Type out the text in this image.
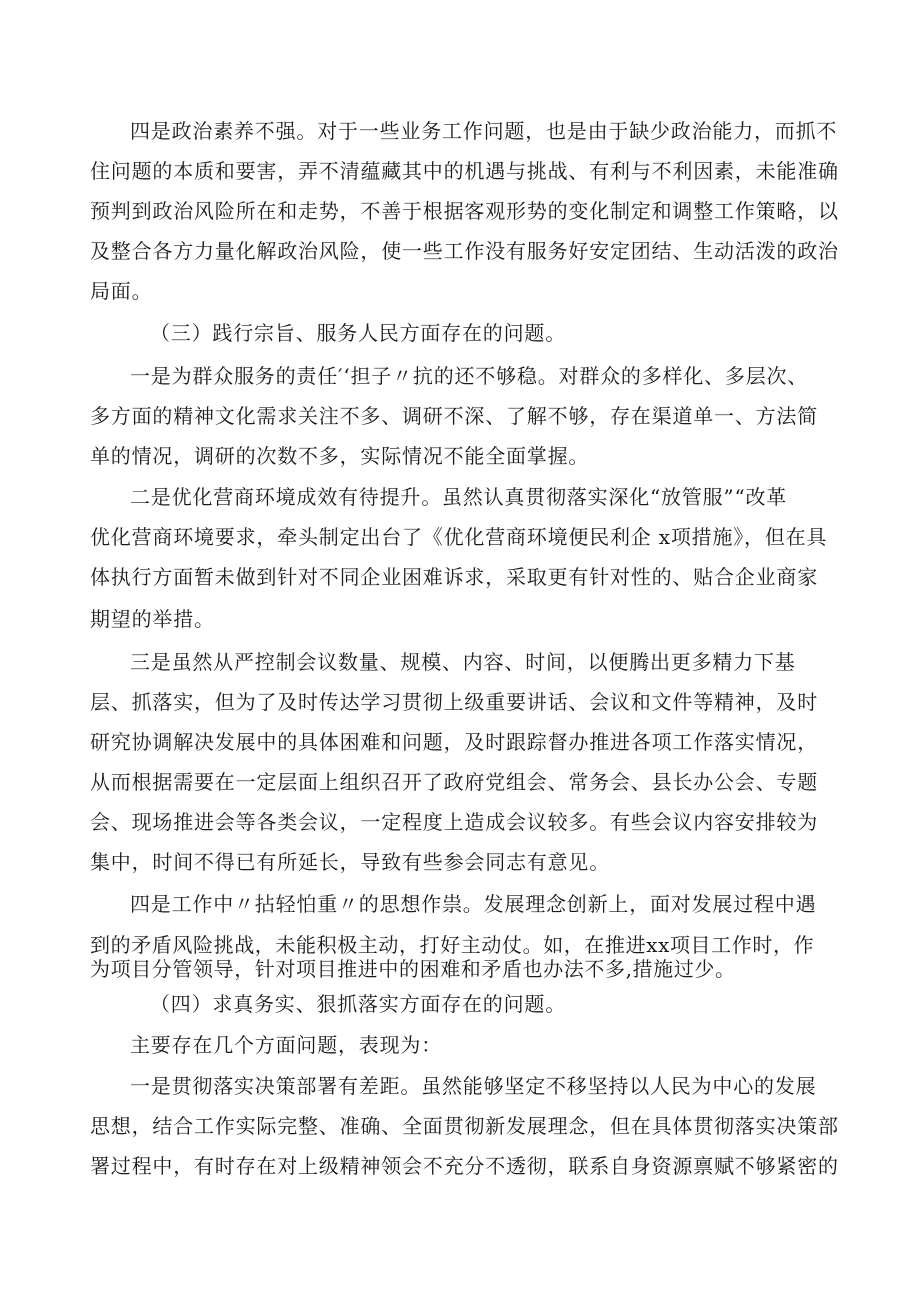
四是政治素养不强。对于一些业务工作问题，也是由于缺少政治能力，而抓不
住问题的本质和要害，弄不清蕴藏其中的机遇与挑战、有利与不利因素，未能准确
预判到政治风险所在和走势，不善于根据客观形势的变化制定和调整工作策略，以
及整合各方力量化解政治风险，使一些工作没有服务好安定团结、生动活泼的政治
局面。
（三）践行宗旨、服务人民方面存在的问题。
一是为群众服务的责任′‘担子〃抗的还不够稳。对群众的多样化、多层次、
多方面的精神文化需求关注不多、调研不深、了解不够，存在渠道单一、方法简
单的情况，调研的次数不多，实际情况不能全面掌握。
二是优化营商环境成效有待提升。虽然认真贯彻落实深化“放管服”“改革
优化营商环境要求，牵头制定出台了《优化营商环境便民利企 x项措施》，但在具
体执行方面暂未做到针对不同企业困难诉求，采取更有针对性的、贴合企业商家
期望的举措。
三是虽然从严控制会议数量、规模、内容、时间，以便腾出更多精力下基
层、抓落实，但为了及时传达学习贯彻上级重要讲话、会议和文件等精神，及时
研究协调解决发展中的具体困难和问题，及时跟踪督办推进各项工作落实情况，
从而根据需要在一定层面上组织召开了政府党组会、常务会、县长办公会、专题
会、现场推进会等各类会议，一定程度上造成会议较多。有些会议内容安排较为
集中，时间不得已有所延长，导致有些参会同志有意见。
四是工作中〃拈轻怕重〃的思想作祟。发展理念创新上，面对发展过程中遇
到的矛盾风险挑战，未能积极主动，打好主动仗。如，在推进xx项目工作时，作
为项目分管领导，针对项目推进中的困难和矛盾也办法不多,措施过少。
（四）求真务实、狠抓落实方面存在的问题。
主要存在几个方面问题，表现为：
一是贯彻落实决策部署有差距。虽然能够坚定不移坚持以人民为中心的发展
思想，结合工作实际完整、准确、全面贯彻新发展理念，但在具体贯彻落实决策部
署过程中，有时存在对上级精神领会不充分不透彻，联系自身资源禀赋不够紧密的
